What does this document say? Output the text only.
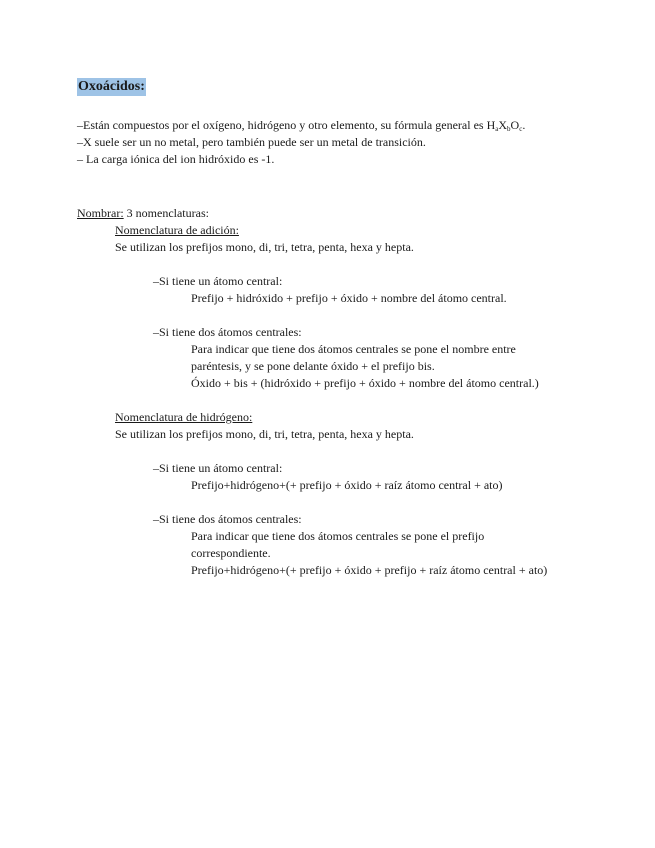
Oxoácidos:
–Están compuestos por el oxígeno, hidrógeno y otro elemento, su fórmula general es $H_aX_bO_c$.
–X suele ser un no metal, pero también puede ser un metal de transición.
– La carga iónica del ion hidróxido es -1.
Nombrar: 3 nomenclaturas:
Nomenclatura de adición:
Se utilizan los prefijos mono, di, tri, tetra, penta, hexa y hepta.
–Si tiene un átomo central:
Prefijo + hidróxido + prefijo + óxido + nombre del átomo central.
–Si tiene dos átomos centrales:
Para indicar que tiene dos átomos centrales se pone el nombre entre
paréntesis, y se pone delante óxido + el prefijo bis.
Óxido + bis + (hidróxido + prefijo + óxido + nombre del átomo central.)
Nomenclatura de hidrógeno:
Se utilizan los prefijos mono, di, tri, tetra, penta, hexa y hepta.
–Si tiene un átomo central:
Prefijo+hidrógeno+(+ prefijo + óxido + raíz átomo central + ato)
–Si tiene dos átomos centrales:
Para indicar que tiene dos átomos centrales se pone el prefijo
correspondiente.
Prefijo+hidrógeno+(+ prefijo + óxido + prefijo + raíz átomo central + ato)
